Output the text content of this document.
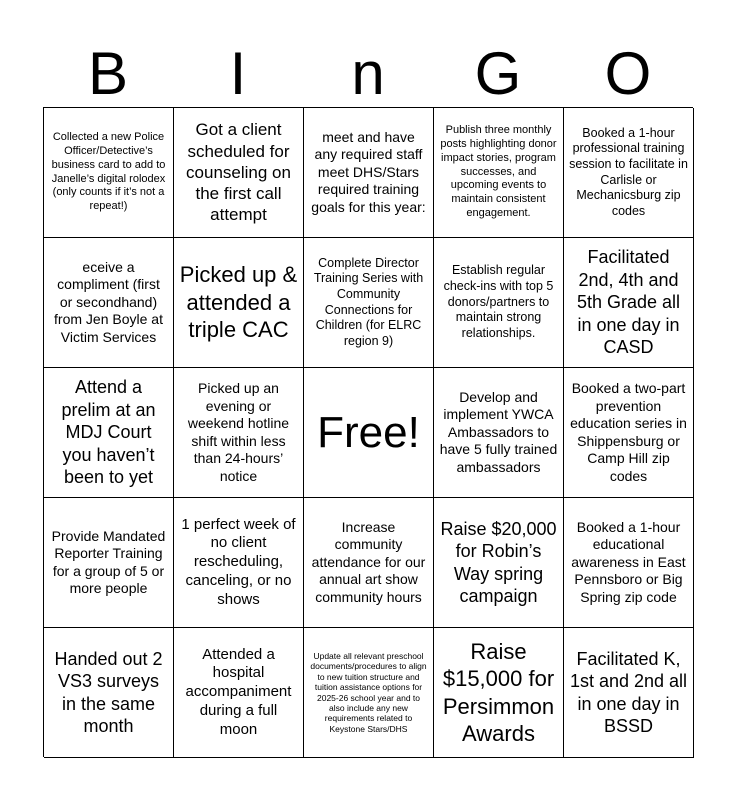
B	I	n	G	O
Collected a new Police Officer/Detective’s business card to add to Janelle’s digital rolodex (only counts if it’s not a repeat!)
Got a client scheduled for counseling on the first call attempt
meet and have any required staff meet DHS/Stars required training goals for this year:
Publish three monthly posts highlighting donor impact stories, program successes, and upcoming events to maintain consistent engagement.
Booked a 1-hour professional training session to facilitate in Carlisle or Mechanicsburg zip codes
eceive a compliment (first or secondhand) from Jen Boyle at Victim Services
Picked up & attended a triple CAC
Complete Director Training Series with Community Connections for Children (for ELRC region 9)
Establish regular check-ins with top 5 donors/partners to maintain strong relationships.
Facilitated 2nd, 4th and 5th Grade all in one day in CASD
Attend a prelim at an MDJ Court you haven’t been to yet
Picked up an evening or weekend hotline shift within less than 24-hours’ notice
Free!
Develop and implement YWCA Ambassadors to have 5 fully trained ambassadors
Booked a two-part prevention education series in Shippensburg or Camp Hill zip codes
Provide Mandated Reporter Training for a group of 5 or more people
1 perfect week of no client rescheduling, canceling, or no shows
Increase community attendance for our annual art show community hours
Raise $20,000 for Robin’s Way spring campaign
Booked a 1-hour educational awareness in East Pennsboro or Big Spring zip code
Handed out 2 VS3 surveys in the same month
Attended a hospital accompaniment during a full moon
Update all relevant preschool documents/procedures to align to new tuition structure and tuition assistance options for 2025-26 school year and to also include any new requirements related to Keystone Stars/DHS
Raise $15,000 for Persimmon Awards
Facilitated K, 1st and 2nd all in one day in BSSD
